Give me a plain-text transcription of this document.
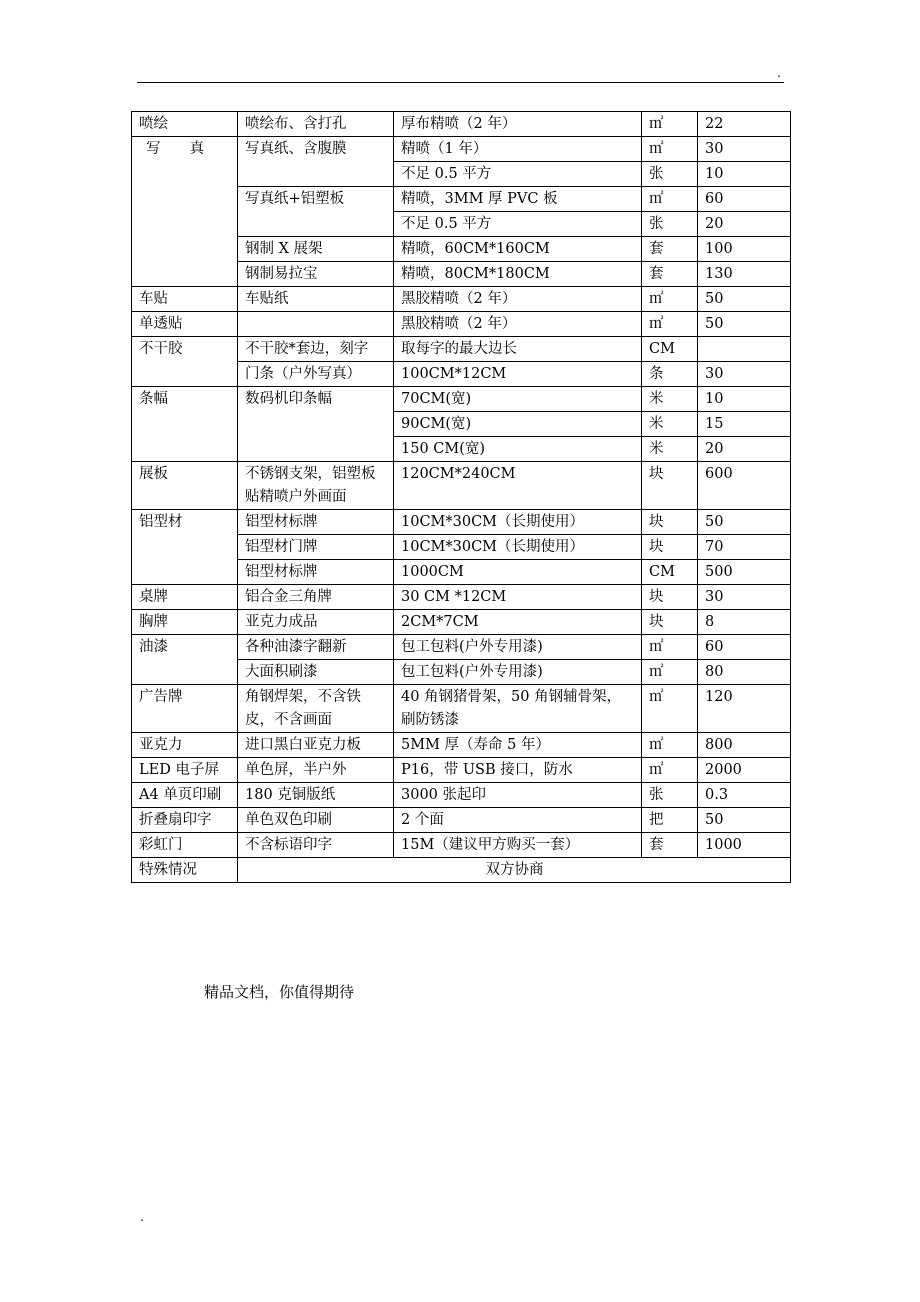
.
喷绘	喷绘布、含打孔	厚布精喷（2 年）	㎡	22
写　　真	写真纸、含腹膜	精喷（1 年）	㎡	30
		不足 0.5 平方	张	10
	写真纸+铝塑板	精喷，3MM 厚 PVC 板	㎡	60
		不足 0.5 平方	张	20
	钢制 X 展架	精喷，60CM*160CM	套	100
	钢制易拉宝	精喷，80CM*180CM	套	130
车贴	车贴纸	黑胶精喷（2 年）	㎡	50
单透贴		黑胶精喷（2 年）	㎡	50
不干胶	不干胶*套边，刻字	取每字的最大边长	CM	
	门条（户外写真）	100CM*12CM	条	30
条幅	数码机印条幅	70CM(宽)	米	10
		90CM(宽)	米	15
		150 CM(宽)	米	20
展板	不锈钢支架，铝塑板贴精喷户外画面	120CM*240CM	块	600
铝型材	铝型材标牌	10CM*30CM（长期使用）	块	50
	铝型材门牌	10CM*30CM（长期使用）	块	70
	铝型材标牌	1000CM	CM	500
桌牌	铝合金三角牌	30 CM *12CM	块	30
胸牌	亚克力成品	2CM*7CM	块	8
油漆	各种油漆字翻新	包工包料(户外专用漆)	㎡	60
	大面积刷漆	包工包料(户外专用漆)	㎡	80
广告牌	角钢焊架，不含铁皮，不含画面	40 角钢猪骨架，50 角钢辅骨架，刷防锈漆	㎡	120
亚克力	进口黑白亚克力板	5MM 厚（寿命 5 年）	㎡	800
LED 电子屏	单色屏，半户外	P16，带 USB 接口，防水	㎡	2000
A4 单页印刷	180 克铜版纸	3000 张起印	张	0.3
折叠扇印字	单色双色印刷	2 个面	把	50
彩虹门	不含标语印字	15M（建议甲方购买一套）	套	1000
特殊情况	双方协商			
精品文档，你值得期待
.
